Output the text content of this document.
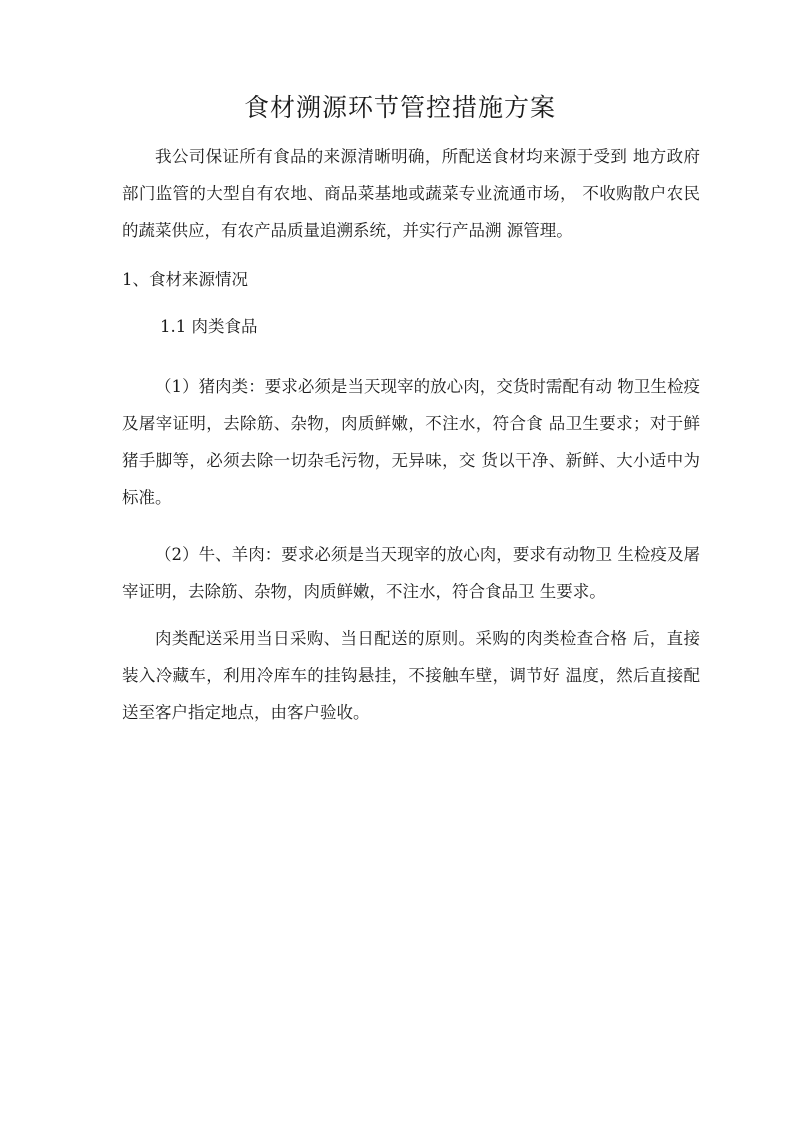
食材溯源环节管控措施方案

我公司保证所有食品的来源清晰明确，所配送食材均来源于受到 地方政府部门监管的大型自有农地、商品菜基地或蔬菜专业流通市场， 不收购散户农民的蔬菜供应，有农产品质量追溯系统，并实行产品溯 源管理。

1、食材来源情况

1.1 肉类食品

（1）猪肉类：要求必须是当天现宰的放心肉，交货时需配有动 物卫生检疫及屠宰证明，去除筋、杂物，肉质鲜嫩，不注水，符合食 品卫生要求；对于鲜猪手脚等，必须去除一切杂毛污物，无异味，交 货以干净、新鲜、大小适中为标准。

（2）牛、羊肉：要求必须是当天现宰的放心肉，要求有动物卫 生检疫及屠宰证明，去除筋、杂物，肉质鲜嫩，不注水，符合食品卫 生要求。

肉类配送采用当日采购、当日配送的原则。采购的肉类检查合格 后，直接装入冷藏车，利用冷库车的挂钩悬挂，不接触车壁，调节好 温度，然后直接配送至客户指定地点，由客户验收。
